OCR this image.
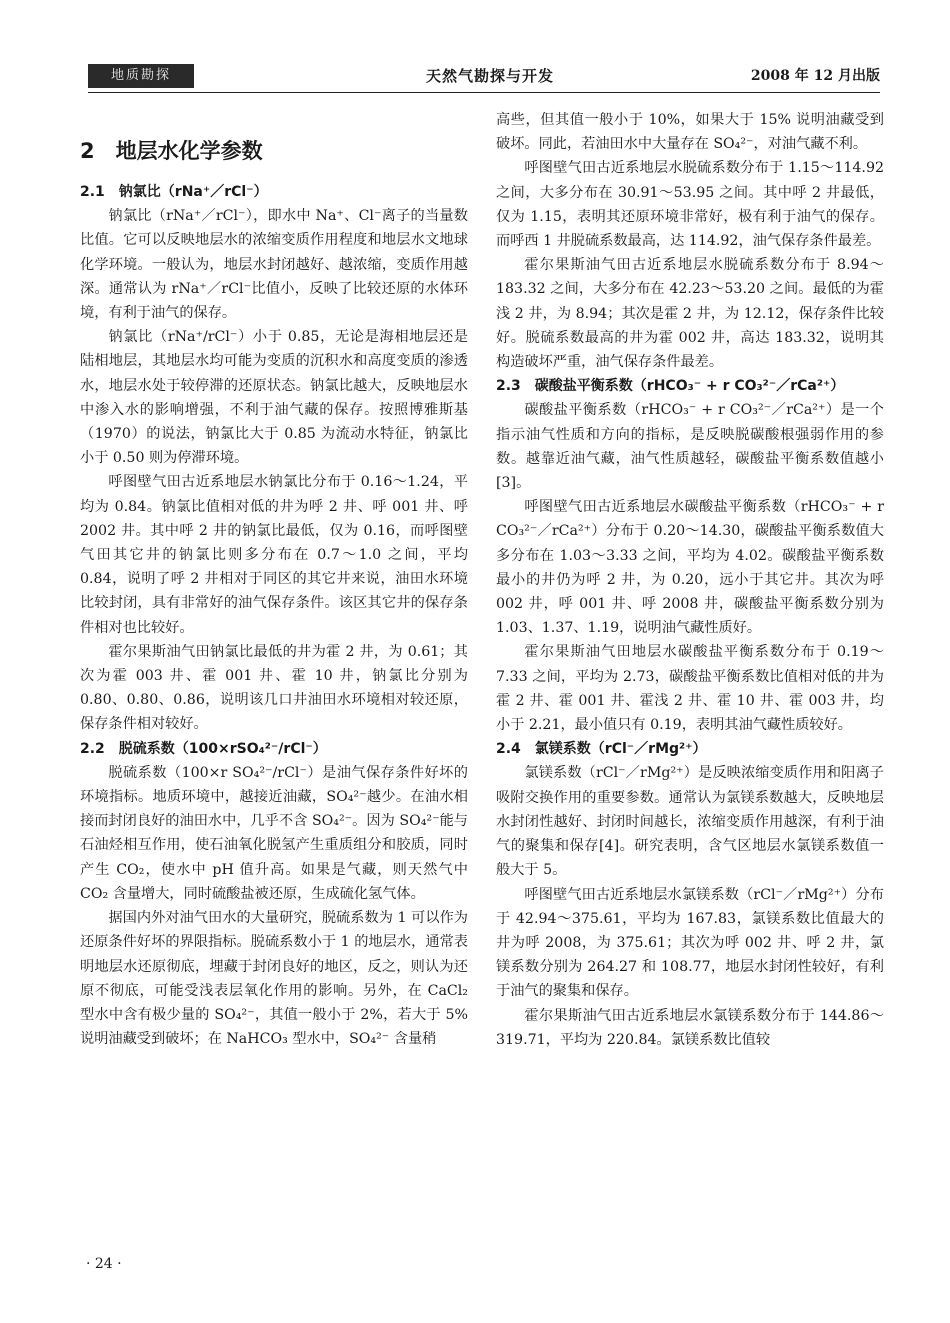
地质勘探	天然气勘探与开发	2008 年 12 月出版
2　地层水化学参数

2.1　钠氯比（rNa⁺／rCl⁻）

钠氯比（rNa⁺／rCl⁻），即水中 Na⁺、Cl⁻离子的当量数比值。它可以反映地层水的浓缩变质作用程度和地层水文地球化学环境。一般认为，地层水封闭越好、越浓缩，变质作用越深。通常认为 rNa⁺／rCl⁻比值小，反映了比较还原的水体环境，有利于油气的保存。

钠氯比（rNa⁺/rCl⁻）小于 0.85，无论是海相地层还是陆相地层，其地层水均可能为变质的沉积水和高度变质的渗透水，地层水处于较停滞的还原状态。钠氯比越大，反映地层水中渗入水的影响增强，不利于油气藏的保存。按照博雅斯基（1970）的说法，钠氯比大于 0.85 为流动水特征，钠氯比小于 0.50 则为停滞环境。

呼图壁气田古近系地层水钠氯比分布于 0.16～1.24，平均为 0.84。钠氯比值相对低的井为呼 2 井、呼 001 井、呼 2002 井。其中呼 2 井的钠氯比最低，仅为 0.16，而呼图壁气田其它井的钠氯比则多分布在 0.7～1.0 之间，平均 0.84，说明了呼 2 井相对于同区的其它井来说，油田水环境比较封闭，具有非常好的油气保存条件。该区其它井的保存条件相对也比较好。

霍尔果斯油气田钠氯比最低的井为霍 2 井，为 0.61；其次为霍 003 井、霍 001 井、霍 10 井，钠氯比分别为 0.80、0.80、0.86，说明该几口井油田水环境相对较还原，保存条件相对较好。

2.2　脱硫系数（100×rSO₄²⁻/rCl⁻）

脱硫系数（100×r SO₄²⁻/rCl⁻）是油气保存条件好坏的环境指标。地质环境中，越接近油藏，SO₄²⁻越少。在油水相接而封闭良好的油田水中，几乎不含 SO₄²⁻。因为 SO₄²⁻能与石油烃相互作用，使石油氧化脱氢产生重质组分和胶质，同时产生 CO₂，使水中 pH 值升高。如果是气藏，则天然气中 CO₂ 含量增大，同时硫酸盐被还原，生成硫化氢气体。

据国内外对油气田水的大量研究，脱硫系数为 1 可以作为还原条件好坏的界限指标。脱硫系数小于 1 的地层水，通常表明地层水还原彻底，埋藏于封闭良好的地区，反之，则认为还原不彻底，可能受浅表层氧化作用的影响。另外，在 CaCl₂ 型水中含有极少量的 SO₄²⁻，其值一般小于 2%，若大于 5% 说明油藏受到破坏；在 NaHCO₃ 型水中，SO₄²⁻ 含量稍

高些，但其值一般小于 10%，如果大于 15% 说明油藏受到破坏。同此，若油田水中大量存在 SO₄²⁻，对油气藏不利。

呼图壁气田古近系地层水脱硫系数分布于 1.15～114.92 之间，大多分布在 30.91～53.95 之间。其中呼 2 井最低，仅为 1.15，表明其还原环境非常好，极有利于油气的保存。而呼西 1 井脱硫系数最高，达 114.92，油气保存条件最差。

霍尔果斯油气田古近系地层水脱硫系数分布于 8.94～183.32 之间，大多分布在 42.23～53.20 之间。最低的为霍浅 2 井，为 8.94；其次是霍 2 井，为 12.12，保存条件比较好。脱硫系数最高的井为霍 002 井，高达 183.32，说明其构造破坏严重，油气保存条件最差。

2.3　碳酸盐平衡系数（rHCO₃⁻ + r CO₃²⁻／rCa²⁺）

碳酸盐平衡系数（rHCO₃⁻ + r CO₃²⁻／rCa²⁺）是一个指示油气性质和方向的指标，是反映脱碳酸根强弱作用的参数。越靠近油气藏，油气性质越轻，碳酸盐平衡系数值越小[3]。

呼图壁气田古近系地层水碳酸盐平衡系数（rHCO₃⁻ + r CO₃²⁻／rCa²⁺）分布于 0.20～14.30，碳酸盐平衡系数值大多分布在 1.03～3.33 之间，平均为 4.02。碳酸盐平衡系数最小的井仍为呼 2 井，为 0.20，远小于其它井。其次为呼 002 井，呼 001 井、呼 2008 井，碳酸盐平衡系数分别为 1.03、1.37、1.19，说明油气藏性质好。

霍尔果斯油气田地层水碳酸盐平衡系数分布于 0.19～7.33 之间，平均为 2.73，碳酸盐平衡系数比值相对低的井为霍 2 井、霍 001 井、霍浅 2 井、霍 10 井、霍 003 井，均小于 2.21，最小值只有 0.19，表明其油气藏性质较好。

2.4　氯镁系数（rCl⁻／rMg²⁺）

氯镁系数（rCl⁻／rMg²⁺）是反映浓缩变质作用和阳离子吸附交换作用的重要参数。通常认为氯镁系数越大，反映地层水封闭性越好、封闭时间越长，浓缩变质作用越深，有利于油气的聚集和保存[4]。研究表明，含气区地层水氯镁系数值一般大于 5。

呼图壁气田古近系地层水氯镁系数（rCl⁻／rMg²⁺）分布于 42.94～375.61，平均为 167.83，氯镁系数比值最大的井为呼 2008，为 375.61；其次为呼 002 井、呼 2 井，氯镁系数分别为 264.27 和 108.77，地层水封闭性较好，有利于油气的聚集和保存。

霍尔果斯油气田古近系地层水氯镁系数分布于 144.86～319.71，平均为 220.84。氯镁系数比值较

· 24 ·
